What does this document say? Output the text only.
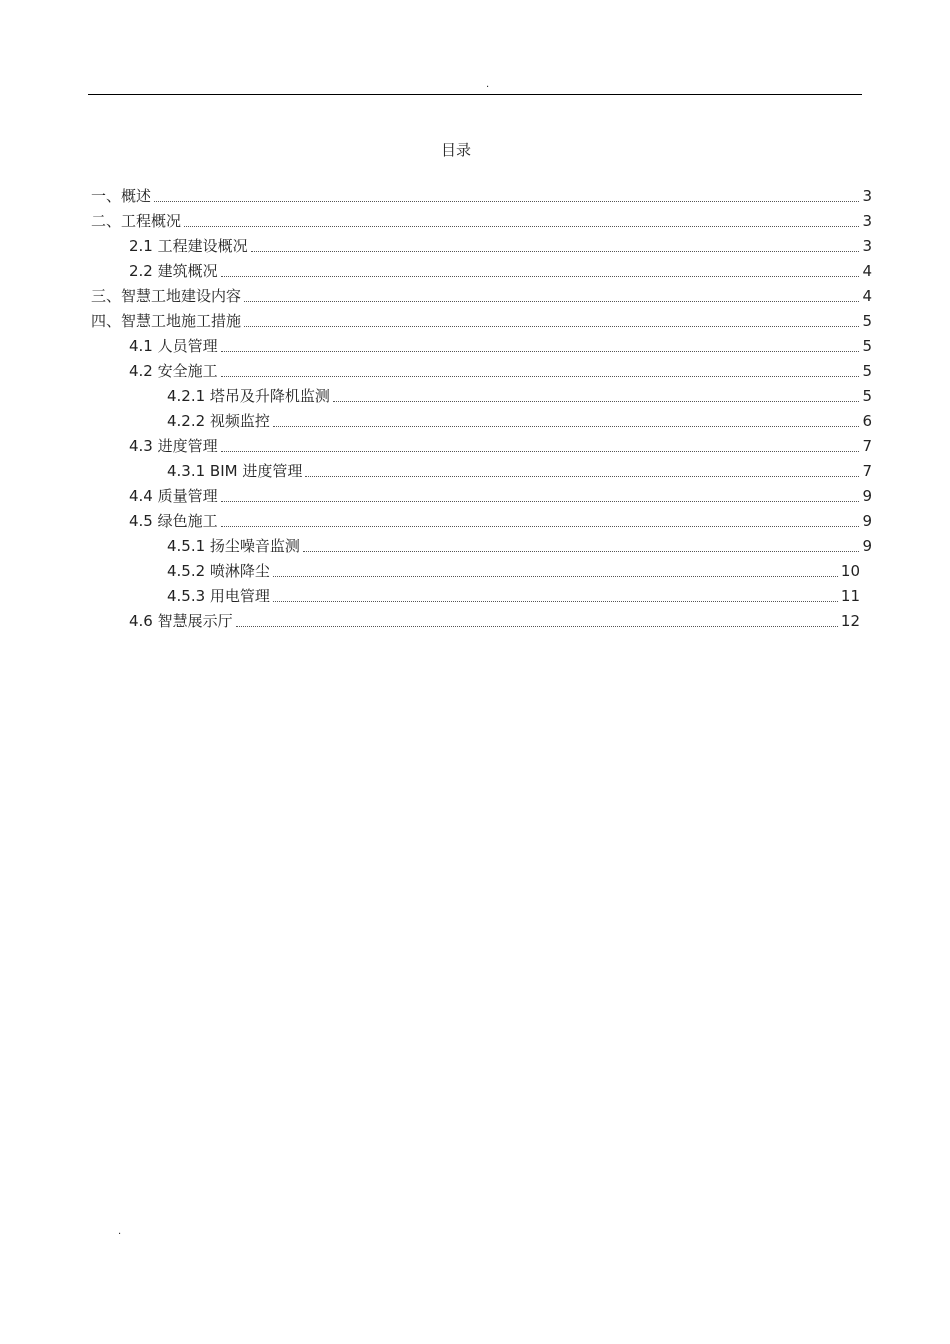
.
目录
一、概述	3
二、工程概况	3
2.1 工程建设概况	3
2.2 建筑概况	4
三、智慧工地建设内容	4
四、智慧工地施工措施	5
4.1 人员管理	5
4.2 安全施工	5
4.2.1 塔吊及升降机监测	5
4.2.2 视频监控	6
4.3 进度管理	7
4.3.1 BIM 进度管理	7
4.4 质量管理	9
4.5 绿色施工	9
4.5.1 扬尘噪音监测	9
4.5.2 喷淋降尘	10
4.5.3 用电管理	11
4.6 智慧展示厅	12
.
